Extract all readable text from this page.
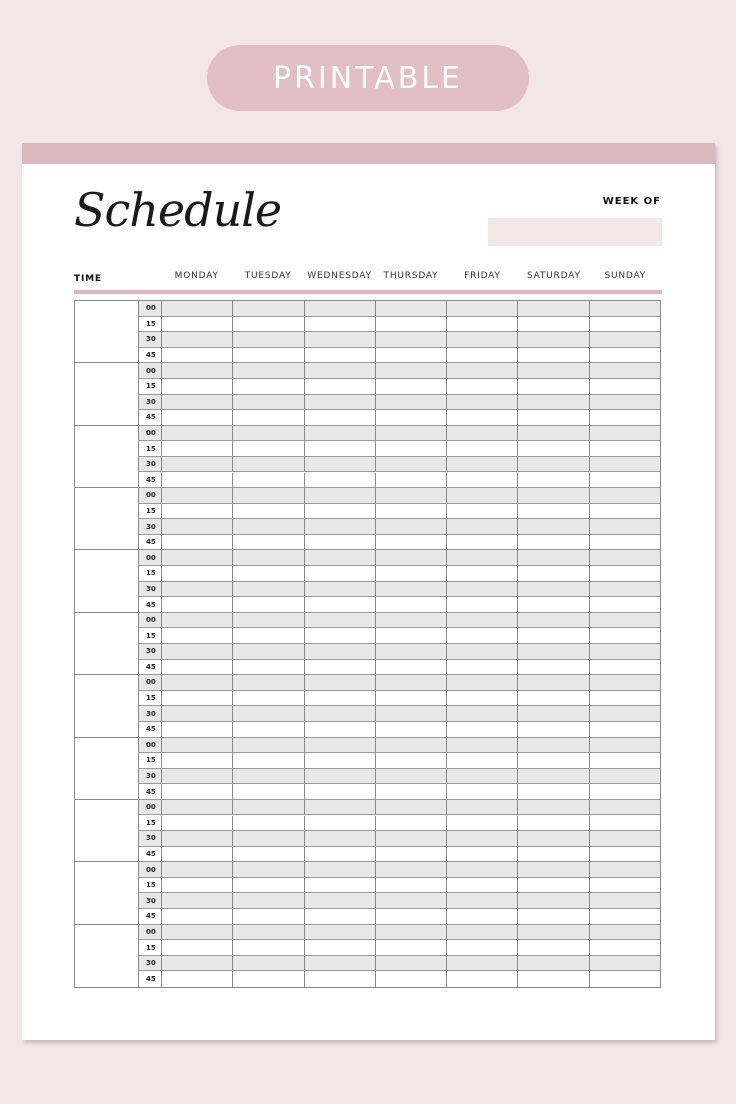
PRINTABLE
Schedule	WEEK OF
TIME	MONDAY	TUESDAY	WEDNESDAY	THURSDAY	FRIDAY	SATURDAY	SUNDAY
00
15
30
45
00
15
30
45
00
15
30
45
00
15
30
45
00
15
30
45
00
15
30
45
00
15
30
45
00
15
30
45
00
15
30
45
00
15
30
45
00
15
30
45
